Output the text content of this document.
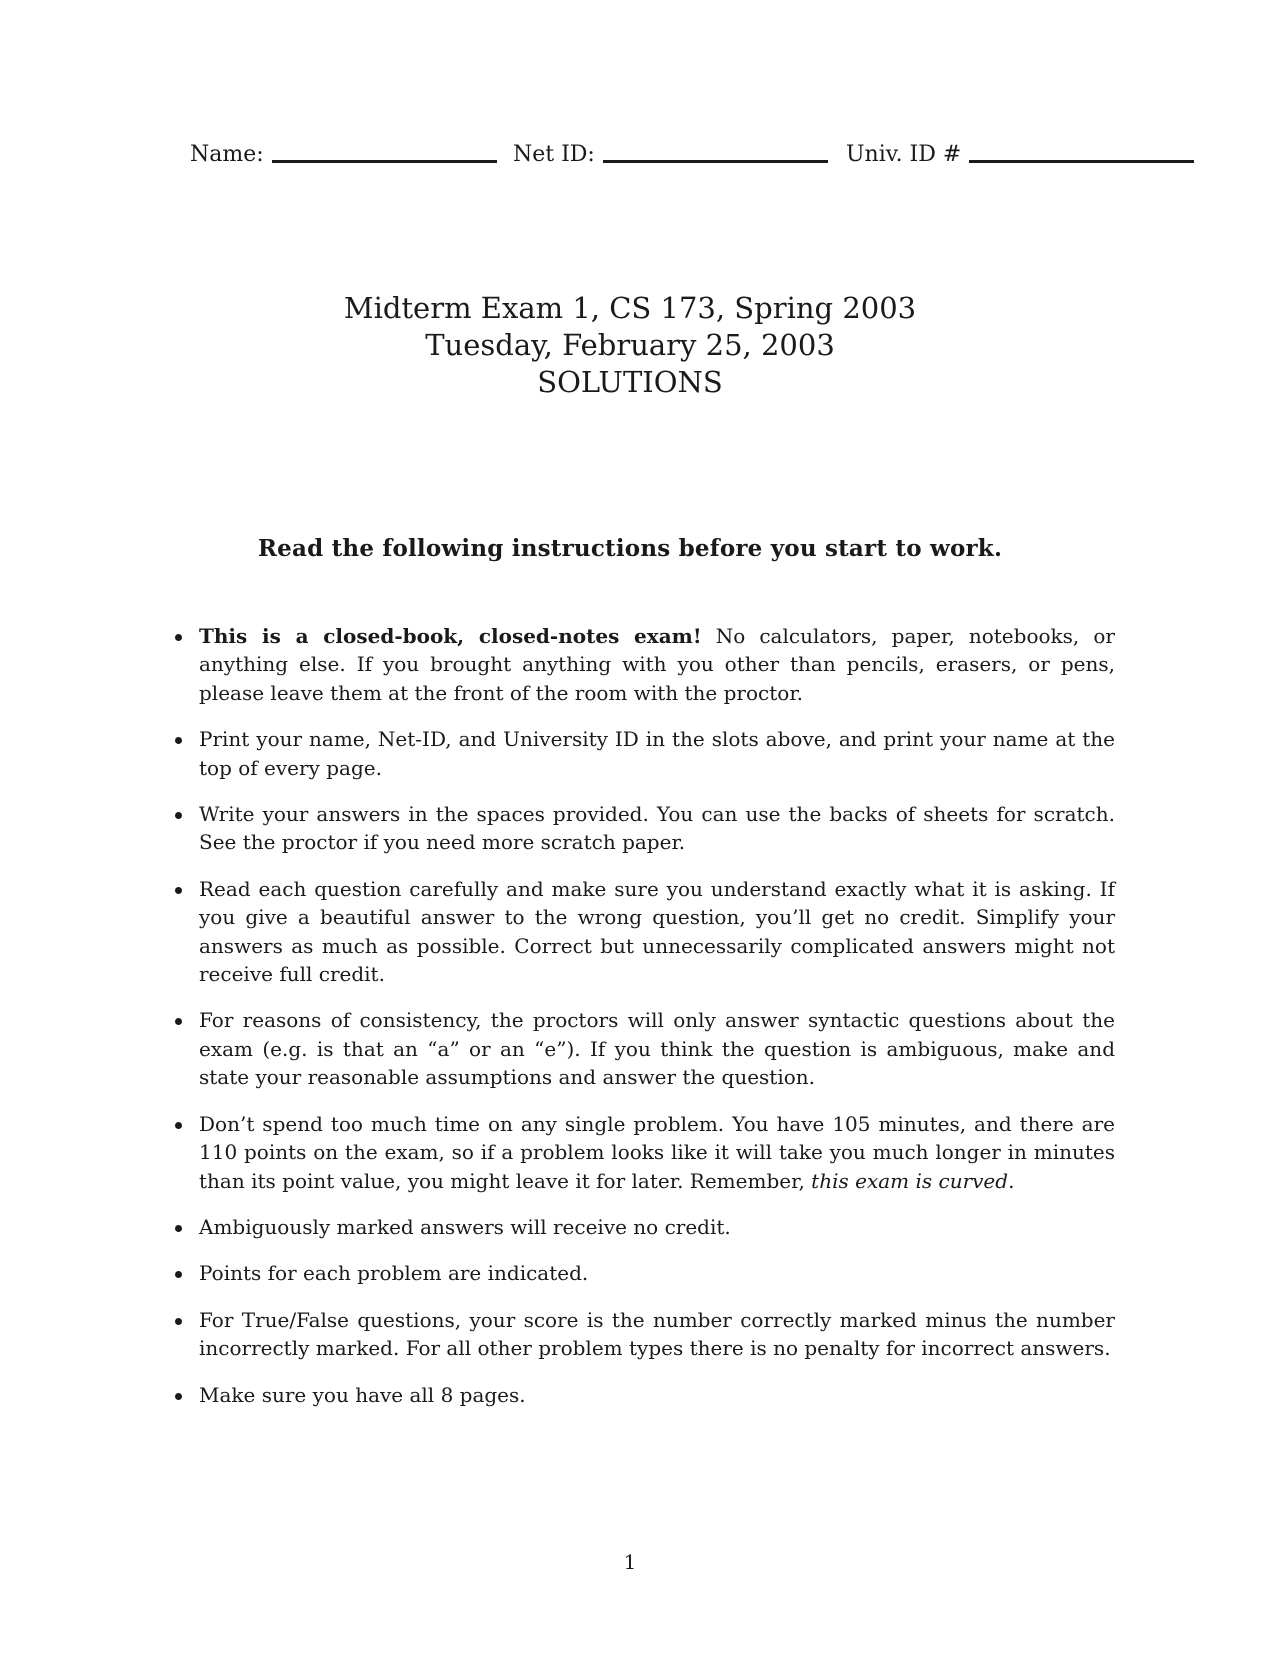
Name:	Net ID:	Univ. ID #
Midterm Exam 1, CS 173, Spring 2003
Tuesday, February 25, 2003
SOLUTIONS
Read the following instructions before you start to work.
This is a closed-book, closed-notes exam! No calculators, paper, notebooks, or anything else. If you brought anything with you other than pencils, erasers, or pens, please leave them at the front of the room with the proctor.
Print your name, Net-ID, and University ID in the slots above, and print your name at the top of every page.
Write your answers in the spaces provided. You can use the backs of sheets for scratch. See the proctor if you need more scratch paper.
Read each question carefully and make sure you understand exactly what it is asking. If you give a beautiful answer to the wrong question, you’ll get no credit. Simplify your answers as much as possible. Correct but unnecessarily complicated answers might not receive full credit.
For reasons of consistency, the proctors will only answer syntactic questions about the exam (e.g. is that an “a” or an “e”). If you think the question is ambiguous, make and state your reasonable assumptions and answer the question.
Don’t spend too much time on any single problem. You have 105 minutes, and there are 110 points on the exam, so if a problem looks like it will take you much longer in minutes than its point value, you might leave it for later. Remember, this exam is curved.
Ambiguously marked answers will receive no credit.
Points for each problem are indicated.
For True/False questions, your score is the number correctly marked minus the number incorrectly marked. For all other problem types there is no penalty for incorrect answers.
Make sure you have all 8 pages.
1
